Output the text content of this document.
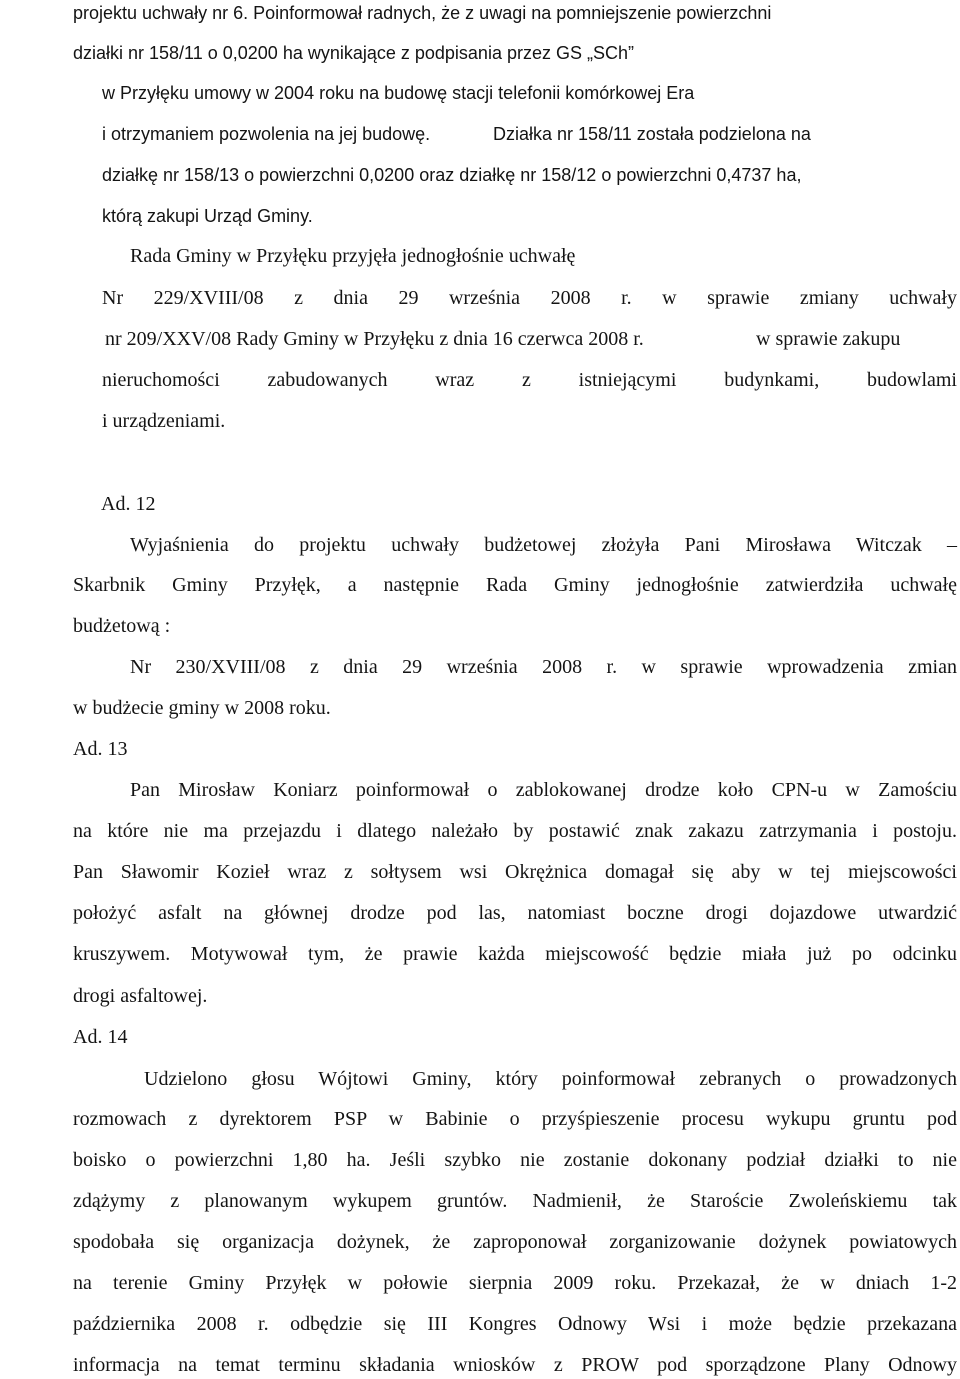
projektu uchwały nr 6. Poinformował radnych, że z uwagi na pomniejszenie powierzchni
działki nr 158/11 o 0,0200 ha wynikające z podpisania przez GS „SCh”
w Przyłęku umowy w 2004 roku na budowę stacji telefonii komórkowej Era
i otrzymaniem pozwolenia na jej budowę.	Działka nr 158/11 została podzielona na
działkę nr 158/13 o powierzchni 0,0200 oraz działkę nr 158/12 o powierzchni 0,4737 ha,
którą zakupi Urząd Gminy.
Rada Gminy w Przyłęku przyjęła jednogłośnie uchwałę
Nr 229/XVIII/08 z dnia 29 września 2008 r. w sprawie zmiany uchwały
nr 209/XXV/08 Rady Gminy w Przyłęku z dnia 16 czerwca 2008 r.	w sprawie zakupu
nieruchomości zabudowanych wraz z istniejącymi budynkami, budowlami
i urządzeniami.
Ad. 12
Wyjaśnienia do projektu uchwały budżetowej złożyła Pani Mirosława Witczak –
Skarbnik Gminy Przyłęk, a następnie Rada Gminy jednogłośnie zatwierdziła uchwałę
budżetową :
Nr 230/XVIII/08 z dnia 29 września 2008 r. w sprawie wprowadzenia zmian
w budżecie gminy w 2008 roku.
Ad. 13
Pan Mirosław Koniarz poinformował o zablokowanej drodze koło CPN-u w Zamościu
na które nie ma przejazdu i dlatego należało by postawić znak zakazu zatrzymania i postoju.
Pan Sławomir Kozieł wraz z sołtysem wsi Okrężnica domagał się aby w tej miejscowości
położyć asfalt na głównej drodze pod las, natomiast boczne drogi dojazdowe utwardzić
kruszywem. Motywował tym, że prawie każda miejscowość będzie miała już po odcinku
drogi asfaltowej.
Ad. 14
Udzielono głosu Wójtowi Gminy, który poinformował zebranych o prowadzonych
rozmowach z dyrektorem PSP w Babinie o przyśpieszenie procesu wykupu gruntu pod
boisko o powierzchni 1,80 ha. Jeśli szybko nie zostanie dokonany podział działki to nie
zdążymy z planowanym wykupem gruntów. Nadmienił, że Staroście Zwoleńskiemu tak
spodobała się organizacja dożynek, że zaproponował zorganizowanie dożynek powiatowych
na terenie Gminy Przyłęk w połowie sierpnia 2009 roku. Przekazał, że w dniach 1-2
października 2008 r. odbędzie się III Kongres Odnowy Wsi i może będzie przekazana
informacja na temat terminu składania wniosków z PROW pod sporządzone Plany Odnowy
